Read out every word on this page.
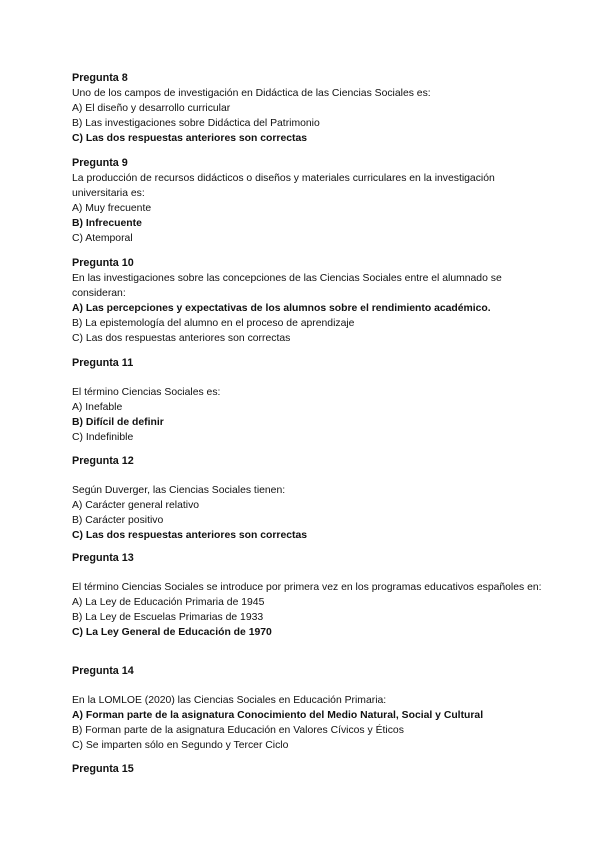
Pregunta 8
Uno de los campos de investigación en Didáctica de las Ciencias Sociales es:
A) El diseño y desarrollo curricular
B) Las investigaciones sobre Didáctica del Patrimonio
C) Las dos respuestas anteriores son correctas
Pregunta 9
La producción de recursos didácticos o diseños y materiales curriculares en la investigación universitaria es:
A) Muy frecuente
B) Infrecuente
C) Atemporal
Pregunta 10
En las investigaciones sobre las concepciones de las Ciencias Sociales entre el alumnado se consideran:
A) Las percepciones y expectativas de los alumnos sobre el rendimiento académico.
B) La epistemología del alumno en el proceso de aprendizaje
C) Las dos respuestas anteriores son correctas
Pregunta 11
El término Ciencias Sociales es:
A) Inefable
B) Difícil de definir
C) Indefinible
Pregunta 12
Según Duverger, las Ciencias Sociales tienen:
A) Carácter general relativo
B) Carácter positivo
C) Las dos respuestas anteriores son correctas
Pregunta 13
El término Ciencias Sociales se introduce por primera vez en los programas educativos españoles en:
A) La Ley de Educación Primaria de 1945
B) La Ley de Escuelas Primarias de 1933
C) La Ley General de Educación de 1970
Pregunta 14
En la LOMLOE (2020) las Ciencias Sociales en Educación Primaria:
A) Forman parte de la asignatura Conocimiento del Medio Natural, Social y Cultural
B) Forman parte de la asignatura Educación en Valores Cívicos y Éticos
C) Se imparten sólo en Segundo y Tercer Ciclo
Pregunta 15
